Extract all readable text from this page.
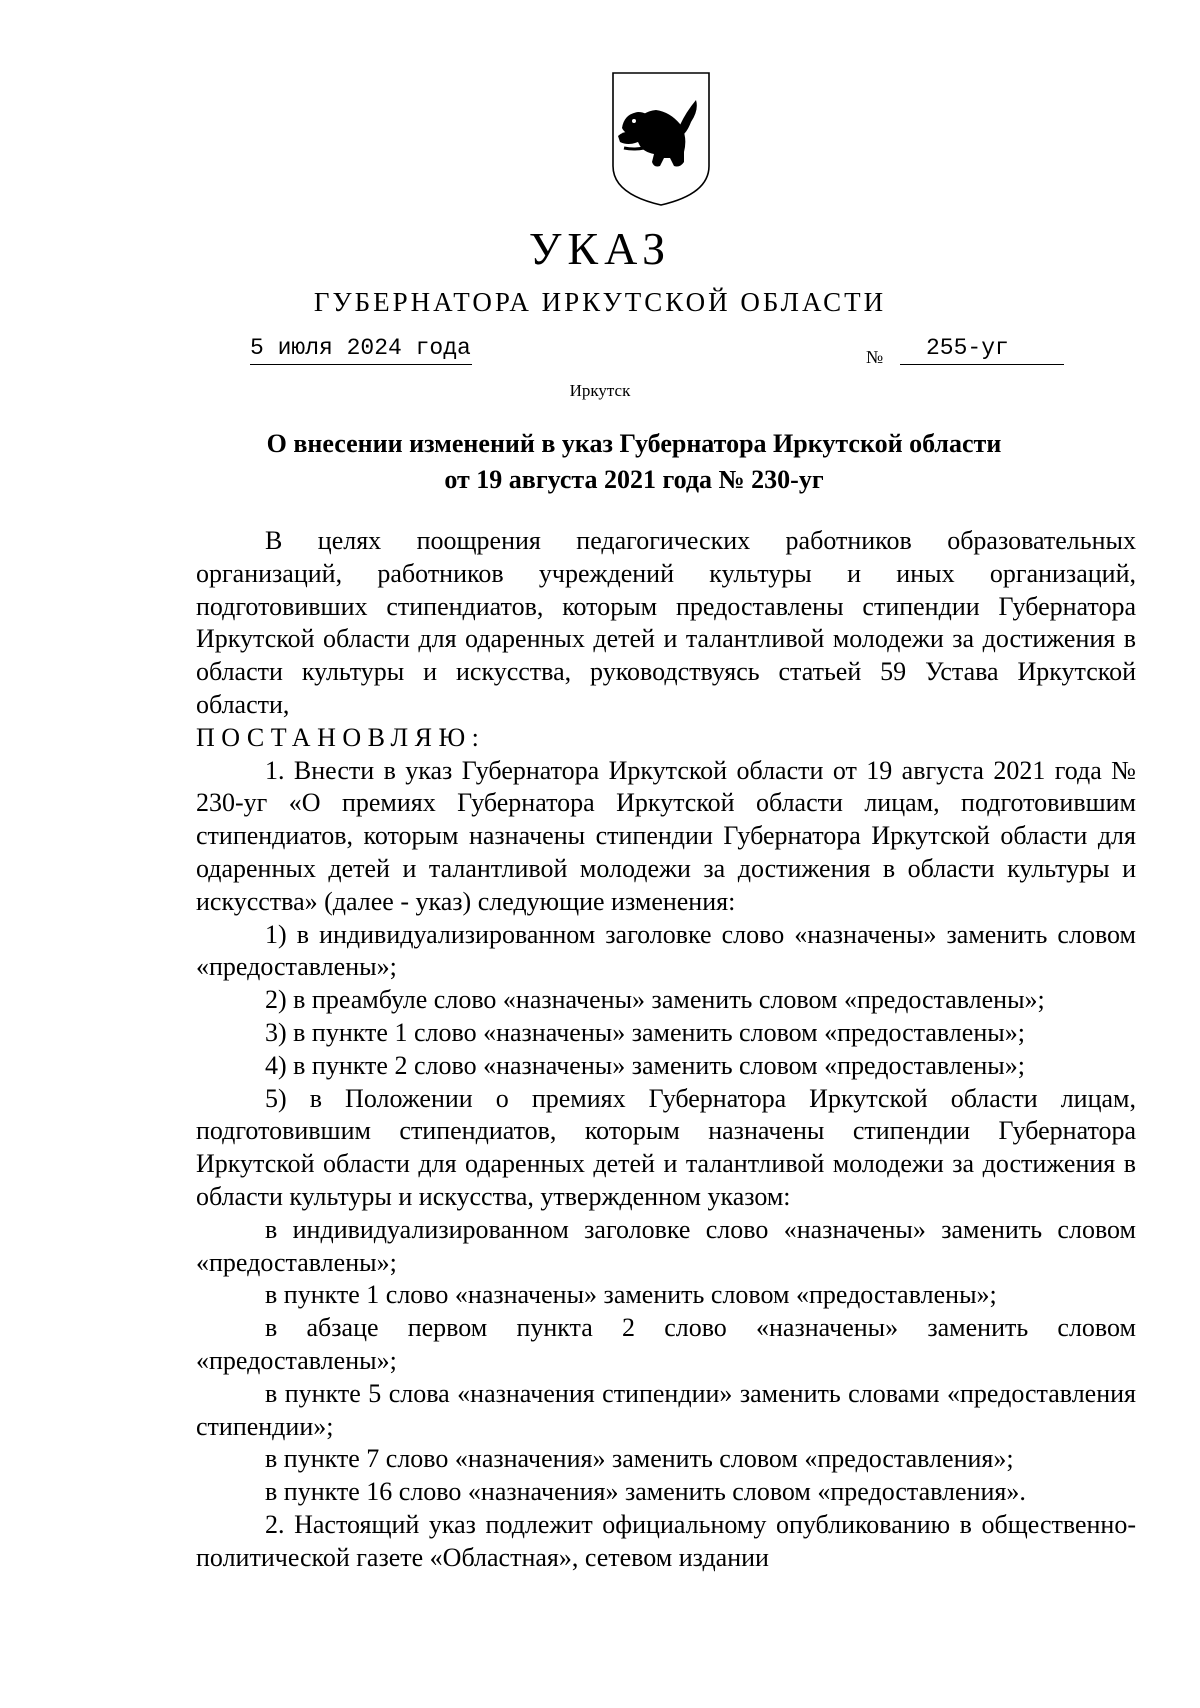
УКАЗ
ГУБЕРНАТОРА ИРКУТСКОЙ ОБЛАСТИ
5 июля 2024 года	№	255-уг
Иркутск
О внесении изменений в указ Губернатора Иркутской области
от 19 августа 2021 года № 230-уг

В целях поощрения педагогических работников образовательных организаций, работников учреждений культуры и иных организаций, подготовивших стипендиатов, которым предоставлены стипендии Губернатора Иркутской области для одаренных детей и талантливой молодежи за достижения в области культуры и искусства, руководствуясь статьей 59 Устава Иркутской области,

ПОСТАНОВЛЯЮ:

1. Внести в указ Губернатора Иркутской области от 19 августа 2021 года № 230-уг «О премиях Губернатора Иркутской области лицам, подготовившим стипендиатов, которым назначены стипендии Губернатора Иркутской области для одаренных детей и талантливой молодежи за достижения в области культуры и искусства» (далее - указ) следующие изменения:

1) в индивидуализированном заголовке слово «назначены» заменить словом «предоставлены»;

2) в преамбуле слово «назначены» заменить словом «предоставлены»;

3) в пункте 1 слово «назначены» заменить словом «предоставлены»;

4) в пункте 2 слово «назначены» заменить словом «предоставлены»;

5) в Положении о премиях Губернатора Иркутской области лицам, подготовившим стипендиатов, которым назначены стипендии Губернатора Иркутской области для одаренных детей и талантливой молодежи за достижения в области культуры и искусства, утвержденном указом:

в индивидуализированном заголовке слово «назначены» заменить словом «предоставлены»;

в пункте 1 слово «назначены» заменить словом «предоставлены»;

в абзаце первом пункта 2 слово «назначены» заменить словом «предоставлены»;

в пункте 5 слова «назначения стипендии» заменить словами «предоставления стипендии»;

в пункте 7 слово «назначения» заменить словом «предоставления»;

в пункте 16 слово «назначения» заменить словом «предоставления».

2. Настоящий указ подлежит официальному опубликованию в общественно-политической газете «Областная», сетевом издании
